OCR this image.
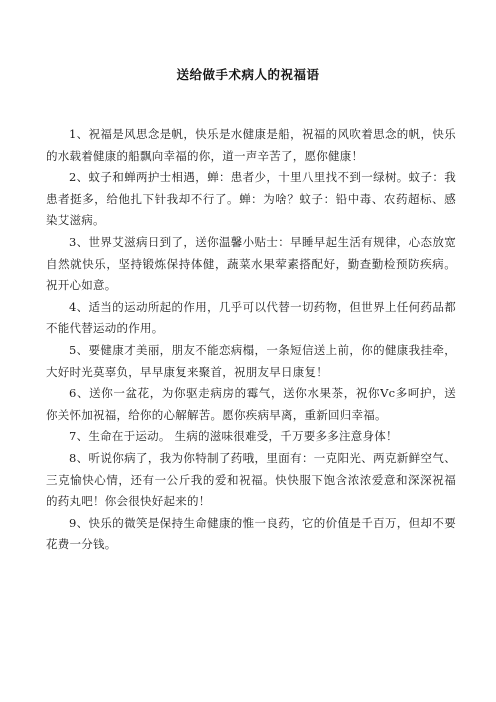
送给做手术病人的祝福语

1、祝福是风思念是帆，快乐是水健康是船，祝福的风吹着思念的帆，快乐的水载着健康的船飘向幸福的你，道一声辛苦了，愿你健康！

2、蚊子和蝉两护士相遇，蝉：患者少，十里八里找不到一绿树。蚊子：我患者挺多，给他扎下针我却不行了。蝉：为啥？蚊子：铅中毒、农药超标、感染艾滋病。

3、世界艾滋病日到了，送你温馨小贴士：早睡早起生活有规律，心态放宽自然就快乐，坚持锻炼保持体健，蔬菜水果荤素搭配好，勤查勤检预防疾病。祝开心如意。

4、适当的运动所起的作用，几乎可以代替一切药物，但世界上任何药品都不能代替运动的作用。

5、要健康才美丽，朋友不能恋病榻，一条短信送上前，你的健康我挂牵，大好时光莫辜负，早早康复来聚首，祝朋友早日康复！

6、送你一盆花，为你驱走病房的霉气，送你水果茶，祝你Vc多呵护，送你关怀加祝福，给你的心解解苦。愿你疾病早离，重新回归幸福。

7、生命在于运动。 生病的滋味很难受，千万要多多注意身体！

8、听说你病了，我为你特制了药哦，里面有：一克阳光、两克新鲜空气、三克愉快心情，还有一公斤我的爱和祝福。快快服下饱含浓浓爱意和深深祝福的药丸吧！你会很快好起来的！

9、快乐的微笑是保持生命健康的惟一良药，它的价值是千百万，但却不要花费一分钱。
